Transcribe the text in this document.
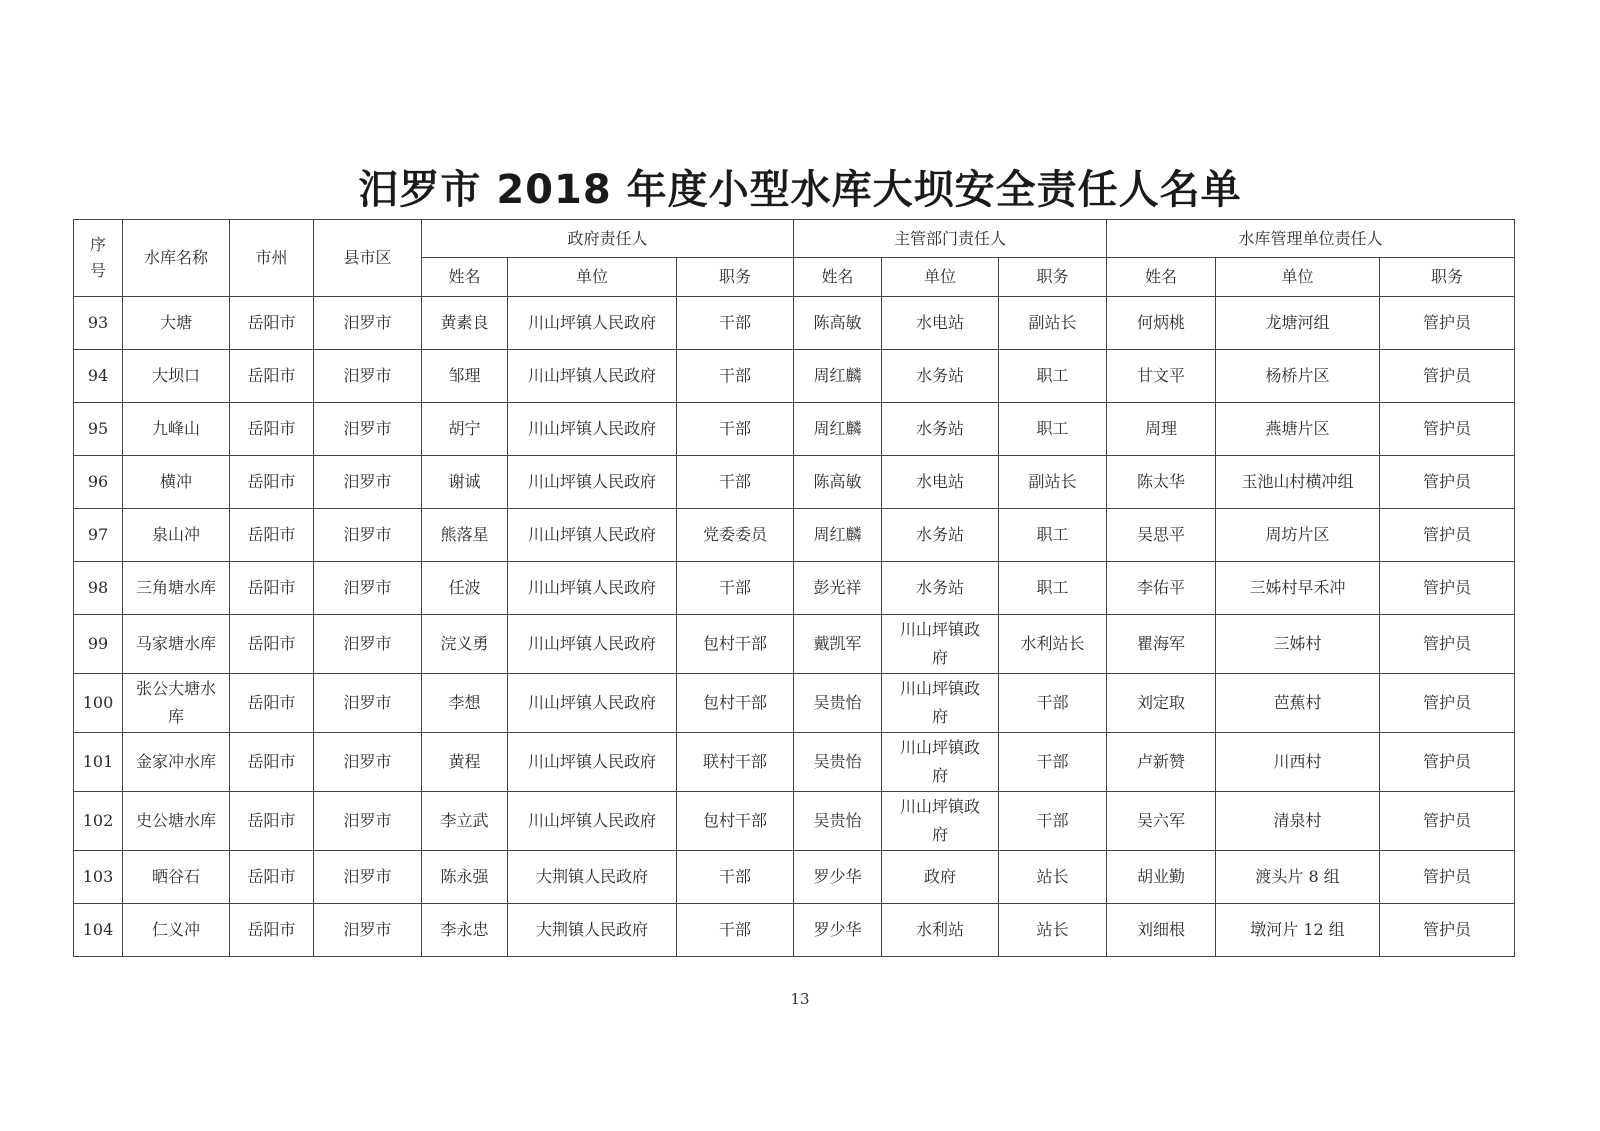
汨罗市 2018 年度小型水库大坝安全责任人名单
序号	水库名称	市州	县市区	政府责任人			主管部门责任人			水库管理单位责任人		
				姓名	单位	职务	姓名	单位	职务	姓名	单位	职务
93	大塘	岳阳市	汨罗市	黄素良	川山坪镇人民政府	干部	陈高敏	水电站	副站长	何炳桃	龙塘河组	管护员
94	大坝口	岳阳市	汨罗市	邹理	川山坪镇人民政府	干部	周红麟	水务站	职工	甘文平	杨桥片区	管护员
95	九峰山	岳阳市	汨罗市	胡宁	川山坪镇人民政府	干部	周红麟	水务站	职工	周理	燕塘片区	管护员
96	横冲	岳阳市	汨罗市	谢诚	川山坪镇人民政府	干部	陈高敏	水电站	副站长	陈太华	玉池山村横冲组	管护员
97	泉山冲	岳阳市	汨罗市	熊落星	川山坪镇人民政府	党委委员	周红麟	水务站	职工	吴思平	周坊片区	管护员
98	三角塘水库	岳阳市	汨罗市	任波	川山坪镇人民政府	干部	彭光祥	水务站	职工	李佑平	三姊村早禾冲	管护员
99	马家塘水库	岳阳市	汨罗市	浣义勇	川山坪镇人民政府	包村干部	戴凯军	川山坪镇政府	水利站长	瞿海军	三姊村	管护员
100	张公大塘水库	岳阳市	汨罗市	李想	川山坪镇人民政府	包村干部	吴贵怡	川山坪镇政府	干部	刘定取	芭蕉村	管护员
101	金家冲水库	岳阳市	汨罗市	黄程	川山坪镇人民政府	联村干部	吴贵怡	川山坪镇政府	干部	卢新赞	川西村	管护员
102	史公塘水库	岳阳市	汨罗市	李立武	川山坪镇人民政府	包村干部	吴贵怡	川山坪镇政府	干部	吴六军	清泉村	管护员
103	晒谷石	岳阳市	汨罗市	陈永强	大荆镇人民政府	干部	罗少华	政府	站长	胡业勤	渡头片 8 组	管护员
104	仁义冲	岳阳市	汨罗市	李永忠	大荆镇人民政府	干部	罗少华	水利站	站长	刘细根	墩河片 12 组	管护员
13
